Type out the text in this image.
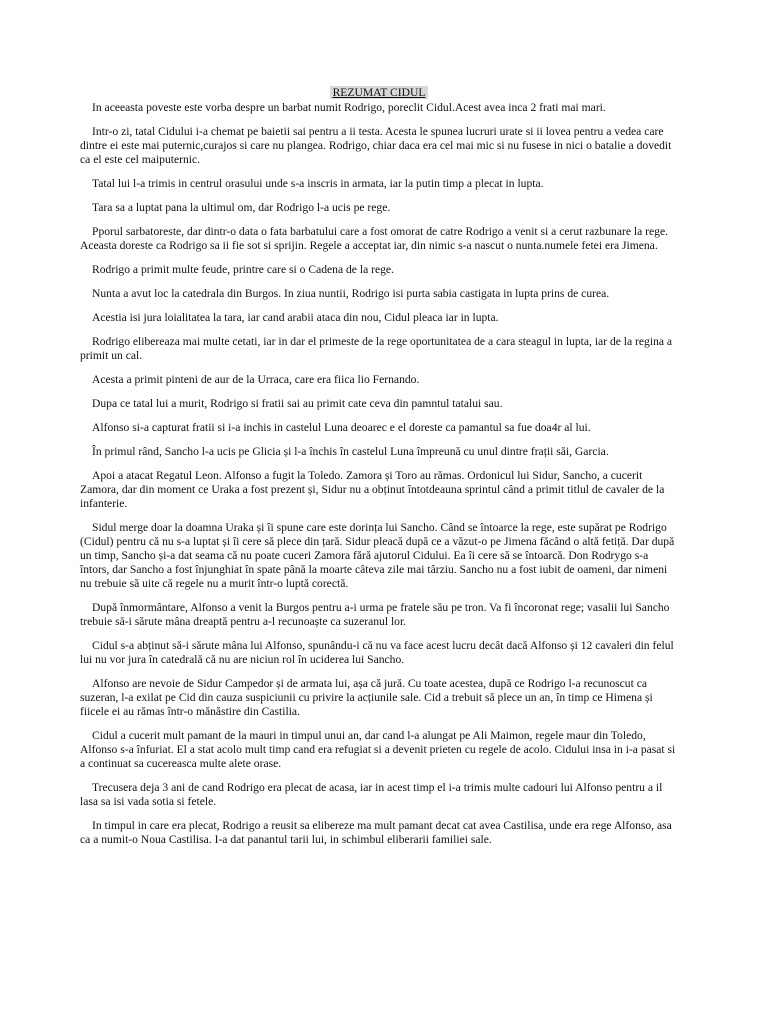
REZUMAT CIDUL

In aceeasta poveste este vorba despre un barbat numit Rodrigo, poreclit Cidul.Acest avea inca 2 frati mai mari.

Intr-o zi, tatal Cidului i-a chemat pe baietii sai pentru a ii testa. Acesta le spunea lucruri urate si ii lovea pentru a vedea care dintre ei este mai puternic,curajos si care nu plangea. Rodrigo, chiar daca era cel mai mic si nu fusese in nici o batalie a dovedit ca el este cel maiputernic.

Tatal lui l-a trimis in centrul orasului unde s-a inscris in armata, iar la putin timp a plecat in lupta.

Tara sa a luptat pana la ultimul om, dar Rodrigo l-a ucis pe rege.

Pporul sarbatoreste, dar dintr-o data o fata barbatului care a fost omorat de catre Rodrigo a venit si a cerut razbunare la rege. Aceasta doreste ca Rodrigo sa ii fie sot si sprijin. Regele a acceptat iar, din nimic s-a nascut o nunta.numele fetei era Jimena.

Rodrigo a primit multe feude, printre care si o Cadena de la rege.

Nunta a avut loc la catedrala din Burgos. In ziua nuntii, Rodrigo isi purta sabia castigata in lupta prins de curea.

Acestia isi jura loialitatea la tara, iar cand arabii ataca din nou, Cidul pleaca iar in lupta.

Rodrigo elibereaza mai multe cetati, iar in dar el primeste de la rege oportunitatea de a cara steagul in lupta, iar de la regina a primit un cal.

Acesta a primit pinteni de aur de la Urraca, care era fiica lio Fernando.

Dupa ce tatal lui a murit, Rodrigo si fratii sai au primit cate ceva din pamntul tatalui sau.

Alfonso si-a capturat fratii si i-a inchis in castelul Luna deoarec e el doreste ca pamantul sa fue doa4r al lui.

În primul rând, Sancho l-a ucis pe Glicia și l-a închis în castelul Luna împreună cu unul dintre frații săi, Garcia.

Apoi a atacat Regatul Leon. Alfonso a fugit la Toledo. Zamora și Toro au rămas. Ordonicul lui Sidur, Sancho, a cucerit Zamora, dar din moment ce Uraka a fost prezent și, Sidur nu a obținut întotdeauna sprintul când a primit titlul de cavaler de la infanterie.

Sidul merge doar la doamna Uraka și îi spune care este dorința lui Sancho. Când se întoarce la rege, este supărat pe Rodrigo (Cidul) pentru că nu s-a luptat și îi cere să plece din țară. Sidur pleacă după ce a văzut-o pe Jimena făcând o altă fetiță. Dar după un timp, Sancho și-a dat seama că nu poate cuceri Zamora fără ajutorul Cidului. Ea îi cere să se întoarcă. Don Rodrygo s-a întors, dar Sancho a fost înjunghiat în spate până la moarte câteva zile mai târziu. Sancho nu a fost iubit de oameni, dar nimeni nu trebuie să uite că regele nu a murit într-o luptă corectă.

După înmormântare, Alfonso a venit la Burgos pentru a-i urma pe fratele său pe tron. Va fi încoronat rege; vasalii lui Sancho trebuie să-i sărute mâna dreaptă pentru a-l recunoaște ca suzeranul lor.

Cidul s-a abținut să-i sărute mâna lui Alfonso, spunându-i că nu va face acest lucru decât dacă Alfonso și 12 cavaleri din felul lui nu vor jura în catedrală că nu are niciun rol în uciderea lui Sancho.

Alfonso are nevoie de Sidur Campedor și de armata lui, așa că jură. Cu toate acestea, după ce Rodrigo l-a recunoscut ca suzeran, l-a exilat pe Cid din cauza suspiciunii cu privire la acțiunile sale. Cid a trebuit să plece un an, în timp ce Himena și fiicele ei au rămas într-o mănăstire din Castilia.

Cidul a cucerit mult pamant de la mauri in timpul unui an, dar cand l-a alungat pe Ali Maimon, regele maur din Toledo, Alfonso s-a înfuriat. El a stat acolo mult timp cand era refugiat si a devenit prieten cu regele de acolo. Cidului insa in i-a pasat si a continuat sa cucereasca multe alete orase.

Trecusera deja 3 ani de cand Rodrigo era plecat de acasa, iar in acest timp el i-a trimis multe cadouri lui Alfonso pentru a il lasa sa isi vada sotia si fetele.

In timpul in care era plecat, Rodrigo a reusit sa elibereze ma mult pamant decat cat avea Castilisa, unde era rege Alfonso, asa ca a numit-o Noua Castilisa. I-a dat panantul tarii lui, in schimbul eliberarii familiei sale.
